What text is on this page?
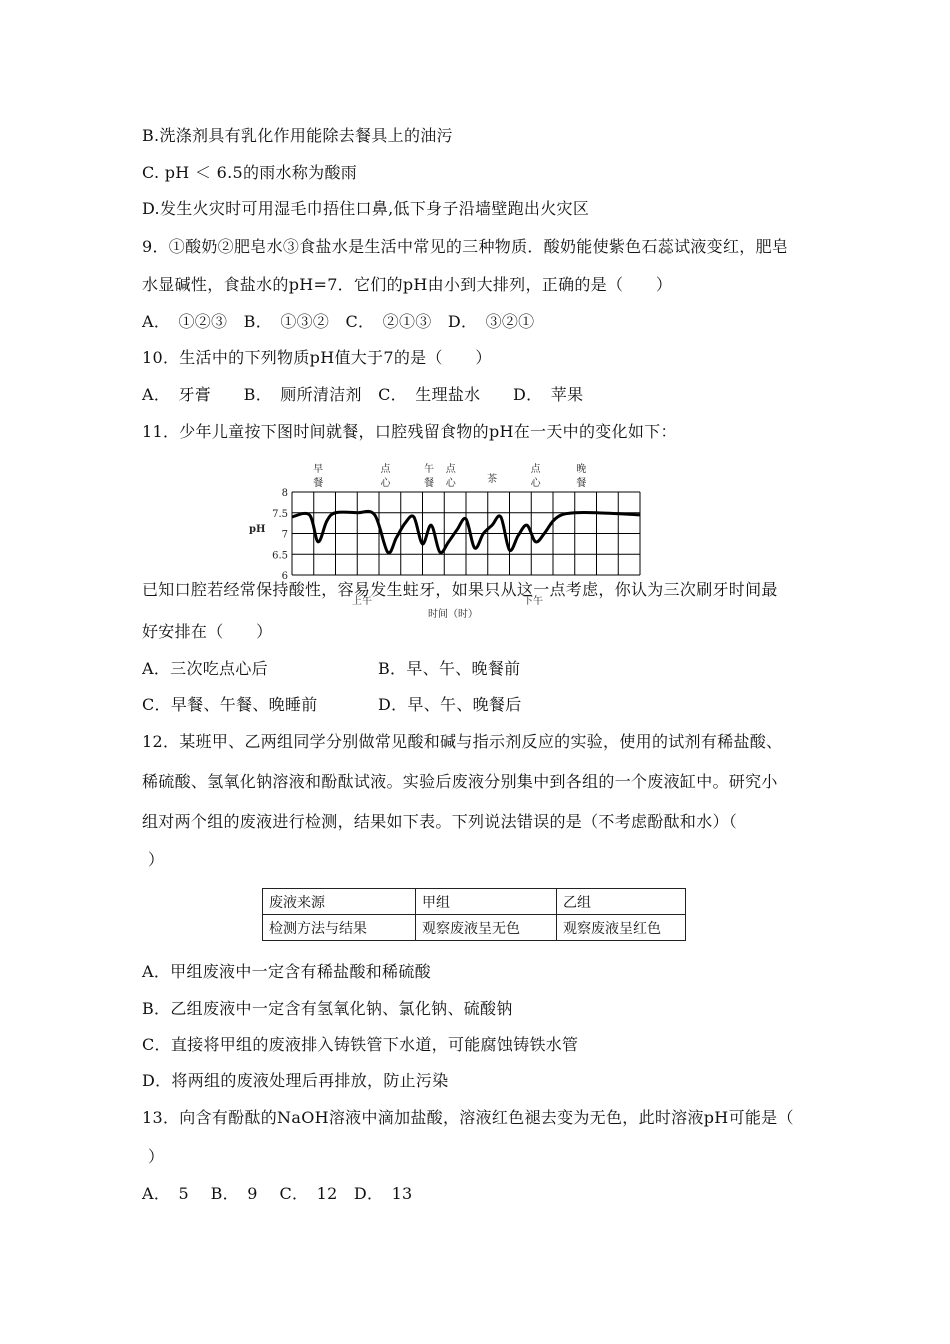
B.洗涤剂具有乳化作用能除去餐具上的油污
C. pH ＜ 6.5的雨水称为酸雨
D.发生火灾时可用湿毛巾捂住口鼻,低下身子沿墙壁跑出火灾区
9．①酸奶②肥皂水③食盐水是生活中常见的三种物质．酸奶能使紫色石蕊试液变红，肥皂
水显碱性，食盐水的pH=7．它们的pH由小到大排列，正确的是（　　）
A．　①②③　B．　①③②　C．　②①③　D．　③②①
10．生活中的下列物质pH值大于7的是（　　）
A．　牙膏　　B．　厕所清洁剂　C．　生理盐水　　D．　苹果
11．少年儿童按下图时间就餐，口腔残留食物的pH在一天中的变化如下：
8
7.5
7
6.5
6
早
餐
点
心
午
餐
点
心	茶
点
心
晚
餐
pH
时间（时）
上午	下午
已知口腔若经常保持酸性，容易发生蛀牙，如果只从这一点考虑，你认为三次刷牙时间最
好安排在（　　）
A．三次吃点心后	B．早、午、晚餐前
C．早餐、午餐、晚睡前	D．早、午、晚餐后
12．某班甲、乙两组同学分别做常见酸和碱与指示剂反应的实验，使用的试剂有稀盐酸、
稀硫酸、氢氧化钠溶液和酚酞试液。实验后废液分别集中到各组的一个废液缸中。研究小
组对两个组的废液进行检测，结果如下表。下列说法错误的是（不考虑酚酞和水）（
）
废液来源	甲组	乙组
检测方法与结果	观察废液呈无色	观察废液呈红色
A．甲组废液中一定含有稀盐酸和稀硫酸
B．乙组废液中一定含有氢氧化钠、氯化钠、硫酸钠
C．直接将甲组的废液排入铸铁管下水道，可能腐蚀铸铁水管
D．将两组的废液处理后再排放，防止污染
13．向含有酚酞的NaOH溶液中滴加盐酸，溶液红色褪去变为无色，此时溶液pH可能是（
）
A．　5　 B．　9　 C．　12　D．　13
